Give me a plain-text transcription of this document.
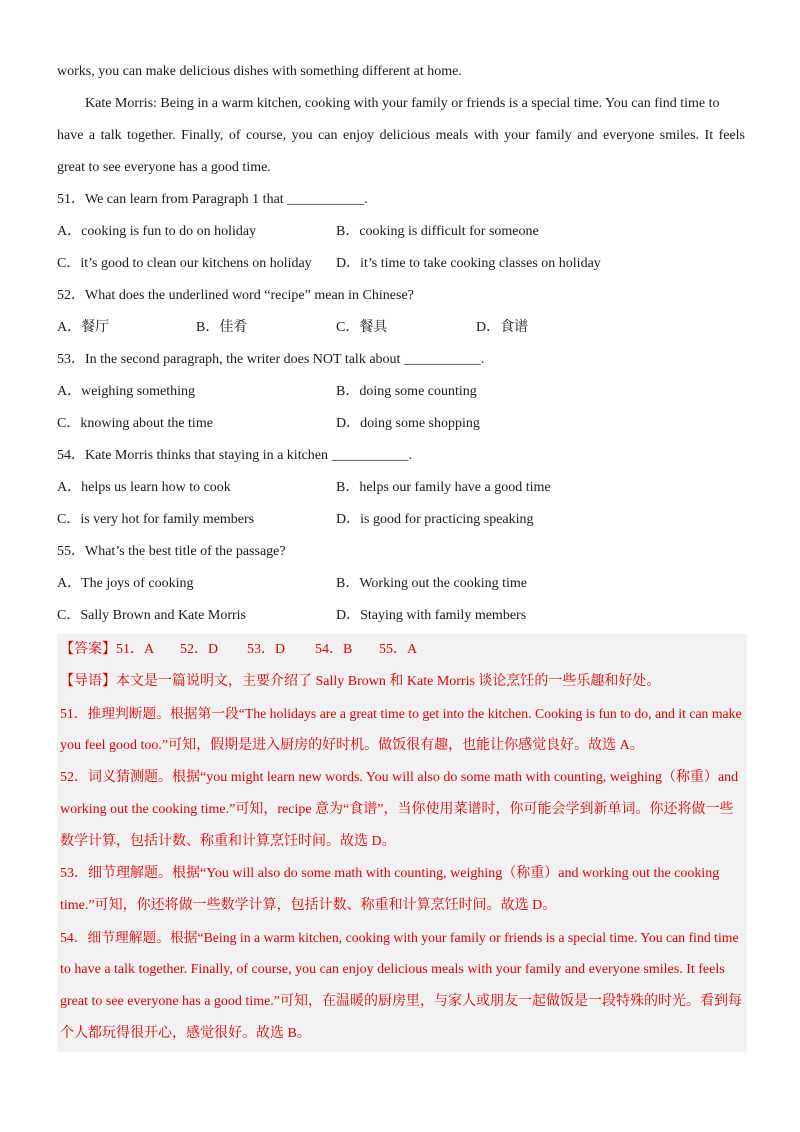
works, you can make delicious dishes with something different at home.
Kate Morris: Being in a warm kitchen, cooking with your family or friends is a special time. You can find time to
have a talk together. Finally, of course, you can enjoy delicious meals with your family and everyone smiles. It feels
great to see everyone has a good time.
51．We can learn from Paragraph 1 that ___________.
A．cooking is fun to do on holiday	B．cooking is difficult for someone
C．it’s good to clean our kitchens on holiday D．it’s time to take cooking classes on holiday
52．What does the underlined word “recipe” mean in Chinese?
A．餐厅	B．佳肴	C．餐具	D．食谱
53．In the second paragraph, the writer does NOT talk about ___________.
A．weighing something	B．doing some counting
C．knowing about the time	D．doing some shopping
54．Kate Morris thinks that staying in a kitchen ___________.
A．helps us learn how to cook	B．helps our family have a good time
C．is very hot for family members	D．is good for practicing speaking
55．What’s the best title of the passage?
A．The joys of cooking	B．Working out the cooking time
C．Sally Brown and Kate Morris	D．Staying with family members
【答案】51．A 52．D 53．D 54．B 55．A
【导语】本文是一篇说明文，主要介绍了 Sally Brown 和 Kate Morris 谈论烹饪的一些乐趣和好处。
51．推理判断题。根据第一段“The holidays are a great time to get into the kitchen. Cooking is fun to do, and it can make
you feel good too.”可知，假期是进入厨房的好时机。做饭很有趣，也能让你感觉良好。故选 A。
52．词义猜测题。根据“you might learn new words. You will also do some math with counting, weighing（称重）and
working out the cooking time.”可知，recipe 意为“食谱”，当你使用菜谱时，你可能会学到新单词。你还将做一些
数学计算，包括计数、称重和计算烹饪时间。故选 D。
53．细节理解题。根据“You will also do some math with counting, weighing（称重）and working out the cooking
time.”可知，你还将做一些数学计算，包括计数、称重和计算烹饪时间。故选 D。
54．细节理解题。根据“Being in a warm kitchen, cooking with your family or friends is a special time. You can find time
to have a talk together. Finally, of course, you can enjoy delicious meals with your family and everyone smiles. It feels
great to see everyone has a good time.”可知，在温暖的厨房里，与家人或朋友一起做饭是一段特殊的时光。看到每
个人都玩得很开心，感觉很好。故选 B。
